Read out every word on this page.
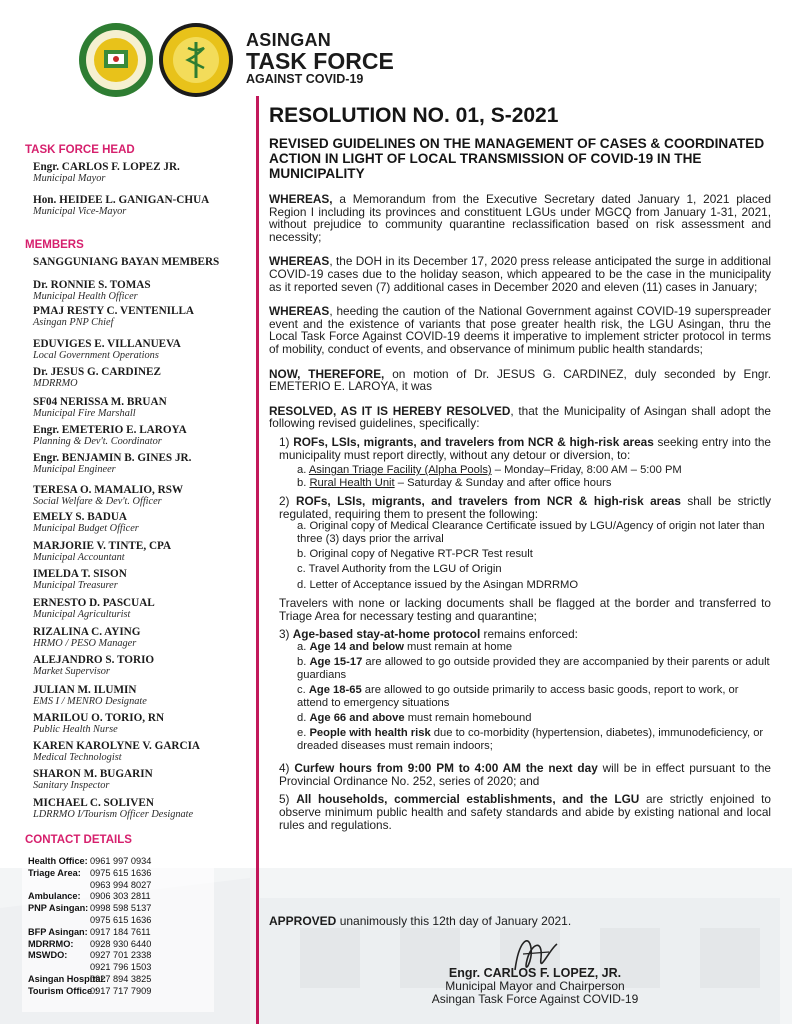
ASINGAN
TASK FORCE
AGAINST COVID-19
TASK FORCE HEAD
Engr. CARLOS F. LOPEZ JR.
Municipal Mayor
Hon. HEIDEE L. GANIGAN-CHUA
Municipal Vice-Mayor
MEMBERS
SANGGUNIANG BAYAN MEMBERS
Dr. RONNIE S. TOMAS
Municipal Health Officer
PMAJ RESTY C. VENTENILLA
Asingan PNP Chief
EDUVIGES E. VILLANUEVA
Local Government Operations
Dr. JESUS G. CARDINEZ
MDRRMO
SF04 NERISSA M. BRUAN
Municipal Fire Marshall
Engr. EMETERIO E. LAROYA
Planning & Dev't. Coordinator
Engr. BENJAMIN B. GINES JR.
Municipal Engineer
TERESA O. MAMALIO, RSW
Social Welfare & Dev't. Officer
EMELY S. BADUA
Municipal Budget Officer
MARJORIE V. TINTE, CPA
Municipal Accountant
IMELDA T. SISON
Municipal Treasurer
ERNESTO D. PASCUAL
Municipal Agriculturist
RIZALINA C. AYING
HRMO / PESO Manager
ALEJANDRO S. TORIO
Market Supervisor
JULIAN M. ILUMIN
EMS I / MENRO Designate
MARILOU O. TORIO, RN
Public Health Nurse
KAREN KAROLYNE V. GARCIA
Medical Technologist
SHARON M. BUGARIN
Sanitary Inspector
MICHAEL C. SOLIVEN
LDRRMO I/Tourism Officer Designate
CONTACT DETAILS
Health Office: 0961 997 0934
Triage Area:	0975 615 1636
0963 994 8027
Ambulance:	0906 303 2811
PNP Asingan: 0998 598 5137
0975 615 1636
BFP Asingan: 0917 184 7611
MDRRMO:	0928 930 6440
MSWDO:	0927 701 2338
0921 796 1503
Asingan Hospital:
0927 894 3825
Tourism Office :
0917 717 7909
RESOLUTION NO. 01, S-2021
REVISED GUIDELINES ON THE MANAGEMENT OF CASES & COORDINATED ACTION IN LIGHT OF LOCAL TRANSMISSION OF COVID-19 IN THE MUNICIPALITY
WHEREAS, a Memorandum from the Executive Secretary dated January 1, 2021 placed Region I including its provinces and constituent LGUs under MGCQ from January 1-31, 2021, without prejudice to community quarantine reclassification based on risk assessment and necessity;
WHEREAS, the DOH in its December 17, 2020 press release anticipated the surge in additional COVID-19 cases due to the holiday season, which appeared to be the case in the municipality as it reported seven (7) additional cases in December 2020 and eleven (11) cases in January;
WHEREAS, heeding the caution of the National Government against COVID-19 superspreader event and the existence of variants that pose greater health risk, the LGU Asingan, thru the Local Task Force Against COVID-19 deems it imperative to implement stricter protocol in terms of mobility, conduct of events, and observance of minimum public health standards;
NOW, THEREFORE, on motion of Dr. JESUS G. CARDINEZ, duly seconded by Engr. EMETERIO E. LAROYA, it was
RESOLVED, AS IT IS HEREBY RESOLVED, that the Municipality of Asingan shall adopt the following revised guidelines, specifically:
1) ROFs, LSIs, migrants, and travelers from NCR & high-risk areas seeking entry into the municipality must report directly, without any detour or diversion, to:
a. Asingan Triage Facility (Alpha Pools) – Monday–Friday, 8:00 AM – 5:00 PM
b. Rural Health Unit – Saturday & Sunday and after office hours
2) ROFs, LSIs, migrants, and travelers from NCR & high-risk areas shall be strictly regulated, requiring them to present the following:
a. Original copy of Medical Clearance Certificate issued by LGU/Agency of origin not later than three (3) days prior the arrival
b. Original copy of Negative RT-PCR Test result
c. Travel Authority from the LGU of Origin
d. Letter of Acceptance issued by the Asingan MDRRMO
Travelers with none or lacking documents shall be flagged at the border and transferred to Triage Area for necessary testing and quarantine;
3) Age-based stay-at-home protocol remains enforced:
a. Age 14 and below must remain at home
b. Age 15-17 are allowed to go outside provided they are accompanied by their parents or adult guardians
c. Age 18-65 are allowed to go outside primarily to access basic goods, report to work, or attend to emergency situations
d. Age 66 and above must remain homebound
e. People with health risk due to co-morbidity (hypertension, diabetes), immunodeficiency, or dreaded diseases must remain indoors;
4) Curfew hours from 9:00 PM to 4:00 AM the next day will be in effect pursuant to the Provincial Ordinance No. 252, series of 2020; and
5) All households, commercial establishments, and the LGU are strictly enjoined to observe minimum public health and safety standards and abide by existing national and local rules and regulations.
APPROVED unanimously this 12th day of January 2021.
Engr. CARLOS F. LOPEZ, JR.
Municipal Mayor and Chairperson
Asingan Task Force Against COVID-19
